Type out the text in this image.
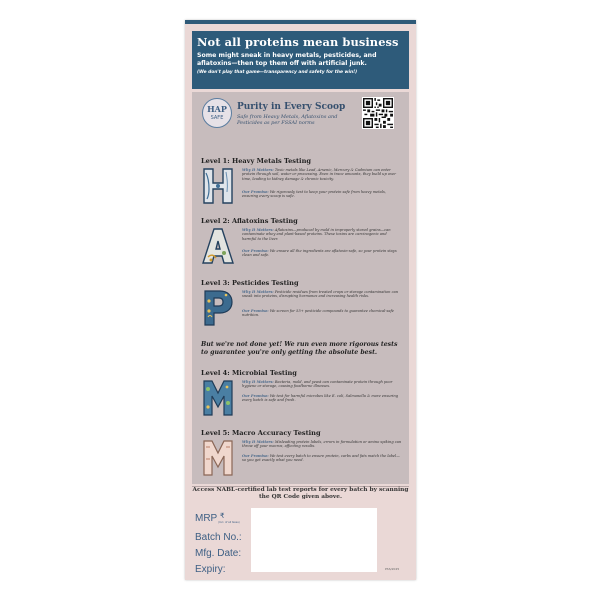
Not all proteins mean business
Some might sneak in heavy metals, pesticides, and aflatoxins—then top them off with artificial junk.
(We don't play that game—transparency and safety for the win!)
HAP
SAFE
Purity in Every Scoop
Safe from Heavy Metals, Aflatoxins and Pesticides as per FSSAI norms
Level 1: Heavy Metals Testing
Why It Matters: Toxic metals like Lead, Arsenic, Mercury & Cadmium can enter protein through soil, water or processing. Even in trace amounts, they build up over time, leading to kidney damage & chronic toxicity.
Our Promise: We rigorously test to keep your protein safe from heavy metals, ensuring every scoop is safe.
Level 2: Aflatoxins Testing
Why It Matters: Aflatoxins—produced by mold in improperly stored grains—can contaminate whey and plant-based proteins. These toxins are carcinogenic and harmful to the liver.
Our Promise: We ensure all the ingredients are aflatoxin-safe, so your protein stays clean and safe.
Level 3: Pesticides Testing
Why It Matters: Pesticide residues from treated crops or storage contamination can sneak into proteins, disrupting hormones and increasing health risks.
Our Promise: We screen for 55+ pesticide compounds to guarantee chemical-safe nutrition.
But we're not done yet! We run even more rigorous tests to guarantee you're only getting the absolute best.
Level 4: Microbial Testing
Why It Matters: Bacteria, mold, and yeast can contaminate protein through poor hygiene or storage, causing foodborne illnesses.
Our Promise: We test for harmful microbes like E. coli, Salmonella & more ensuring every batch is safe and fresh.
Level 5: Macro Accuracy Testing
Why It Matters: Misleading protein labels, errors in formulation or amino spiking can throw off your macros, affecting results.
Our Promise: We test every batch to ensure protein, carbs and fats match the label—so you get exactly what you need.
Access NABL-certified lab test reports for every batch by scanning the QR Code given above.
MRP ₹
(Incl. of all taxes)
Batch No.:
Mfg. Date:
Expiry:	PSS/2025
